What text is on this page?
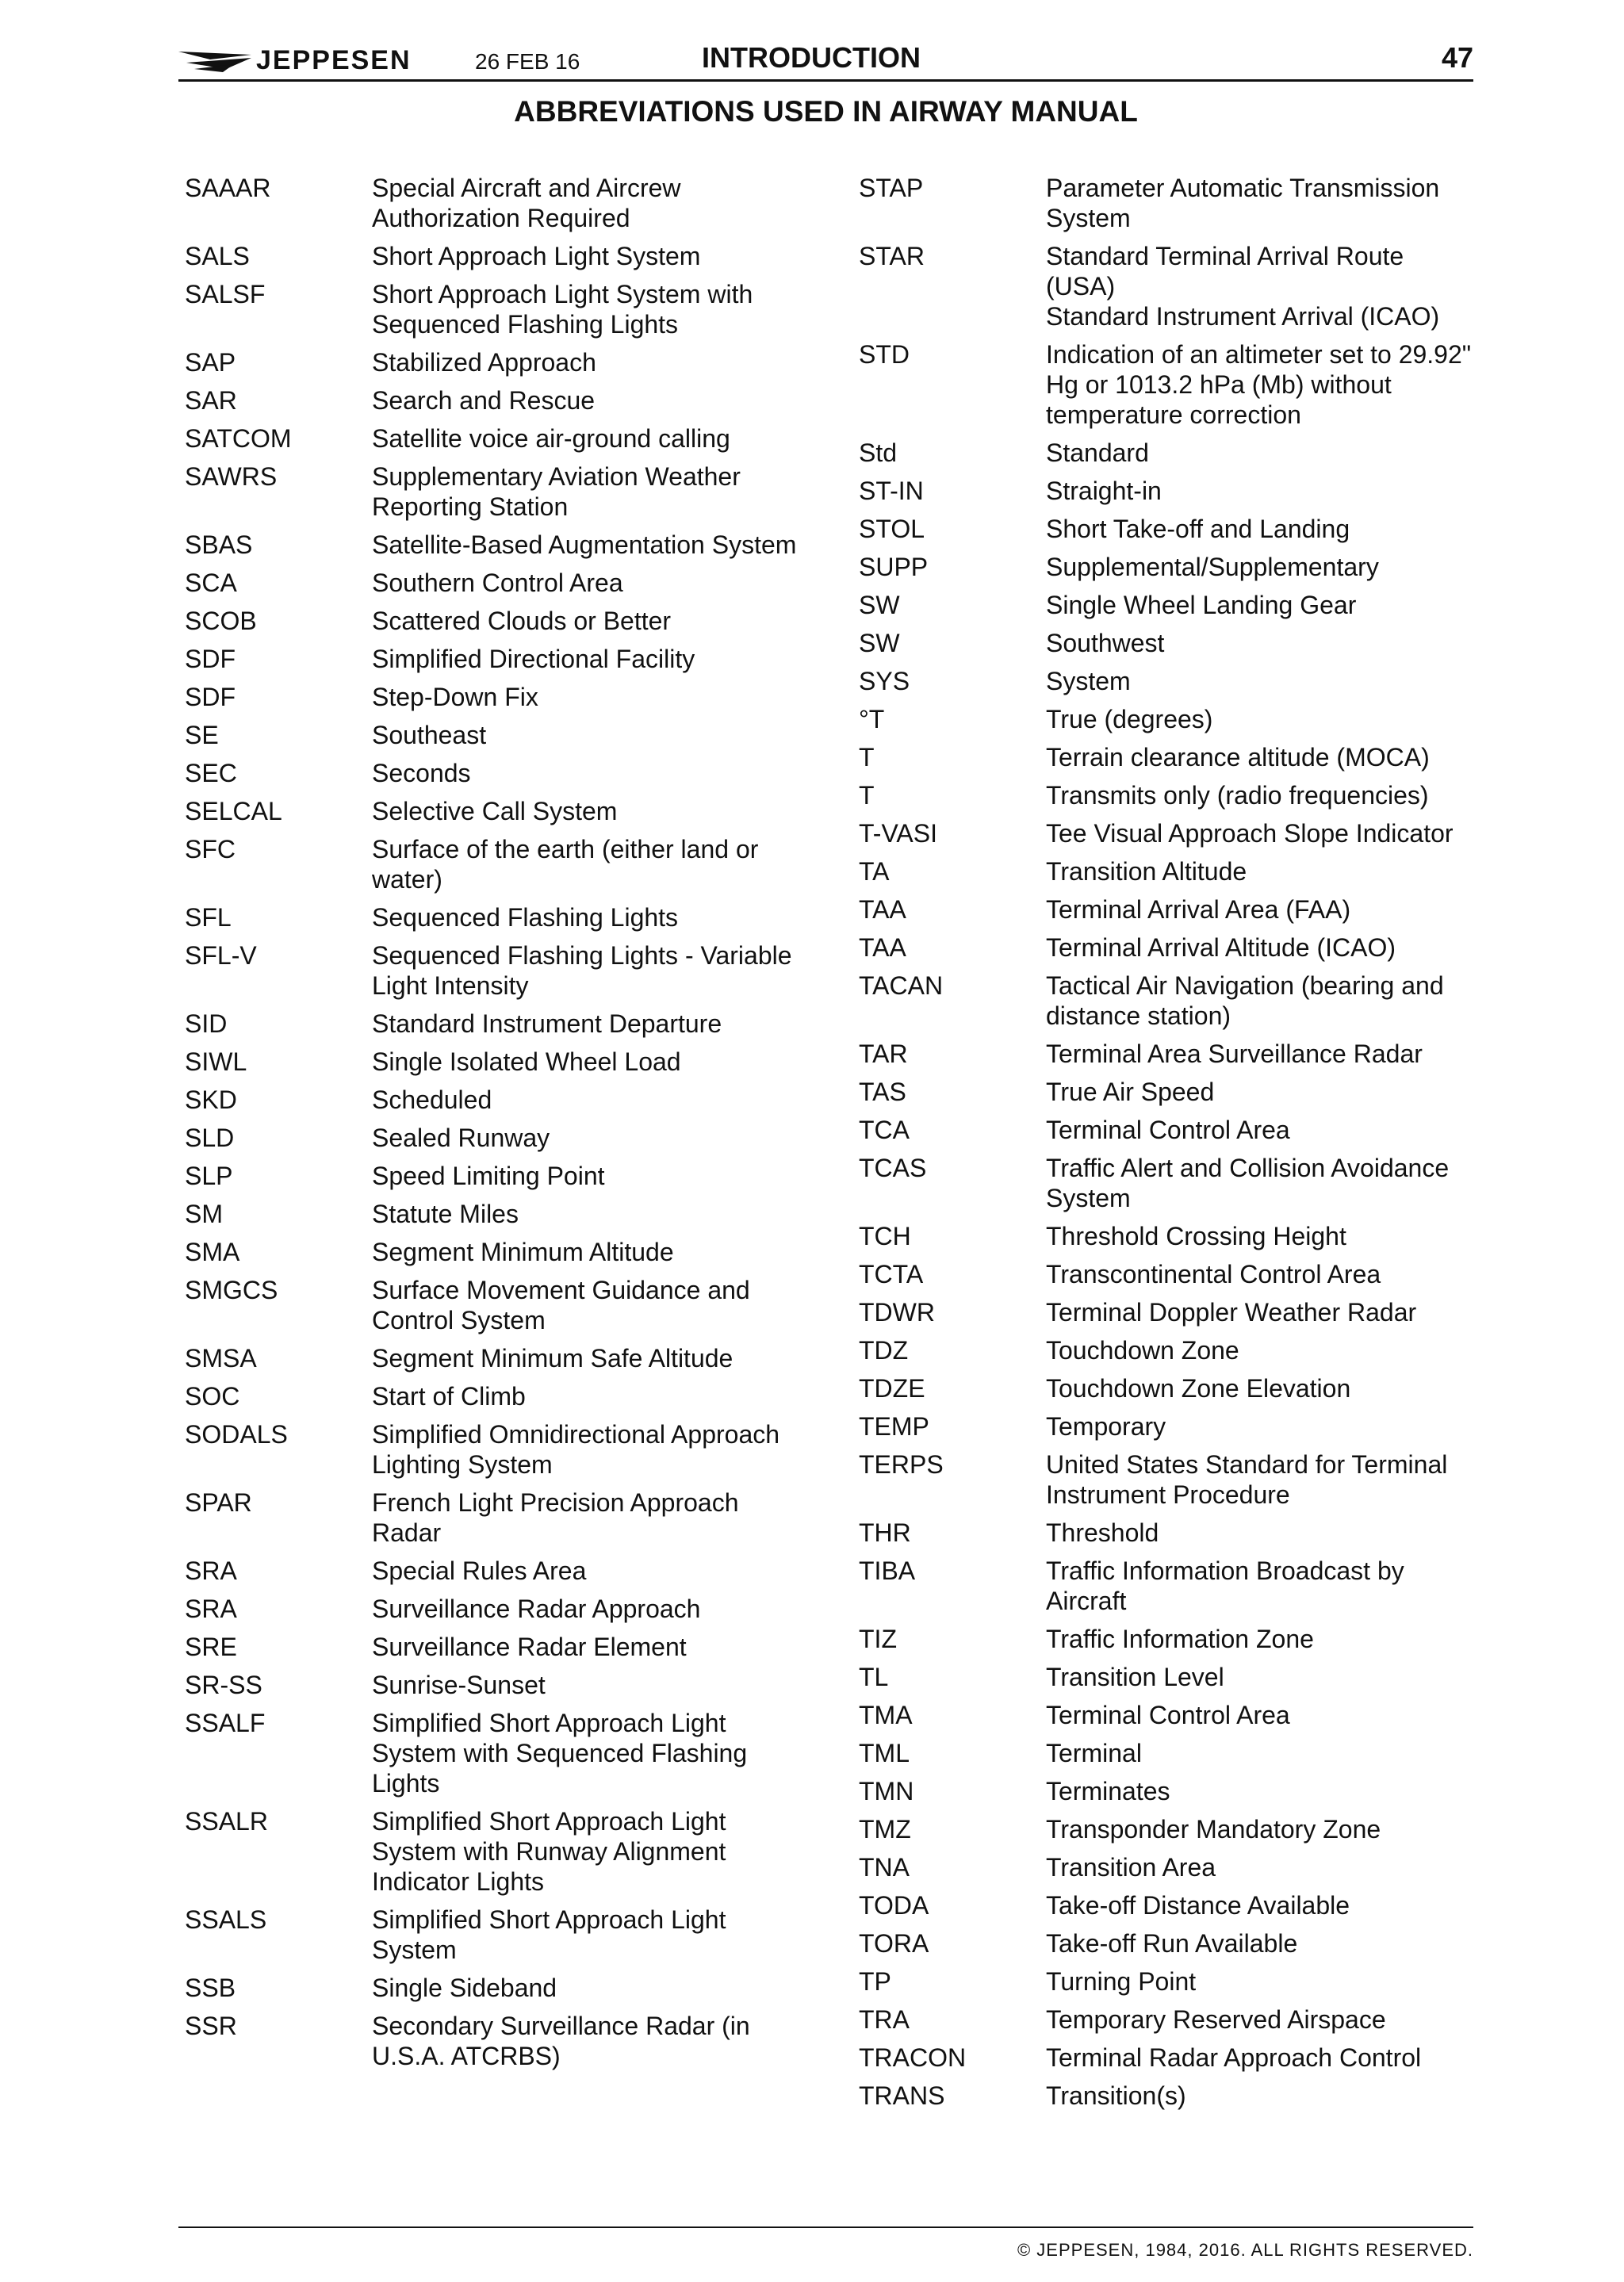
JEPPESEN	26 FEB 16	INTRODUCTION	47
ABBREVIATIONS USED IN AIRWAY MANUAL
SAAAR	Special Aircraft and Aircrew Authorization Required
SALS	Short Approach Light System
SALSF	Short Approach Light System with Sequenced Flashing Lights
SAP	Stabilized Approach
SAR	Search and Rescue
SATCOM	Satellite voice air-ground calling
SAWRS	Supplementary Aviation Weather Reporting Station
SBAS	Satellite-Based Augmentation System
SCA	Southern Control Area
SCOB	Scattered Clouds or Better
SDF	Simplified Directional Facility
SDF	Step-Down Fix
SE	Southeast
SEC	Seconds
SELCAL	Selective Call System
SFC	Surface of the earth (either land or water)
SFL	Sequenced Flashing Lights
SFL-V	Sequenced Flashing Lights - Variable Light Intensity
SID	Standard Instrument Departure
SIWL	Single Isolated Wheel Load
SKD	Scheduled
SLD	Sealed Runway
SLP	Speed Limiting Point
SM	Statute Miles
SMA	Segment Minimum Altitude
SMGCS	Surface Movement Guidance and Control System
SMSA	Segment Minimum Safe Altitude
SOC	Start of Climb
SODALS	Simplified Omnidirectional Approach Lighting System
SPAR	French Light Precision Approach Radar
SRA	Special Rules Area
SRA	Surveillance Radar Approach
SRE	Surveillance Radar Element
SR-SS	Sunrise-Sunset
SSALF	Simplified Short Approach Light System with Sequenced Flashing Lights
SSALR	Simplified Short Approach Light System with Runway Alignment Indicator Lights
SSALS	Simplified Short Approach Light System
SSB	Single Sideband
SSR	Secondary Surveillance Radar (in U.S.A. ATCRBS)
STAP	Parameter Automatic Transmission System
STAR	Standard Terminal Arrival Route (USA)
Standard Instrument Arrival (ICAO)
STD	Indication of an altimeter set to 29.92" Hg or 1013.2 hPa (Mb) without temperature correction
Std	Standard
ST-IN	Straight-in
STOL	Short Take-off and Landing
SUPP	Supplemental/Supplementary
SW	Single Wheel Landing Gear
SW	Southwest
SYS	System
°T	True (degrees)
T	Terrain clearance altitude (MOCA)
T	Transmits only (radio frequencies)
T-VASI	Tee Visual Approach Slope Indicator
TA	Transition Altitude
TAA	Terminal Arrival Area (FAA)
TAA	Terminal Arrival Altitude (ICAO)
TACAN	Tactical Air Navigation (bearing and distance station)
TAR	Terminal Area Surveillance Radar
TAS	True Air Speed
TCA	Terminal Control Area
TCAS	Traffic Alert and Collision Avoidance System
TCH	Threshold Crossing Height
TCTA	Transcontinental Control Area
TDWR	Terminal Doppler Weather Radar
TDZ	Touchdown Zone
TDZE	Touchdown Zone Elevation
TEMP	Temporary
TERPS	United States Standard for Terminal Instrument Procedure
THR	Threshold
TIBA	Traffic Information Broadcast by Aircraft
TIZ	Traffic Information Zone
TL	Transition Level
TMA	Terminal Control Area
TML	Terminal
TMN	Terminates
TMZ	Transponder Mandatory Zone
TNA	Transition Area
TODA	Take-off Distance Available
TORA	Take-off Run Available
TP	Turning Point
TRA	Temporary Reserved Airspace
TRACON	Terminal Radar Approach Control
TRANS	Transition(s)
© JEPPESEN, 1984, 2016. ALL RIGHTS RESERVED.
